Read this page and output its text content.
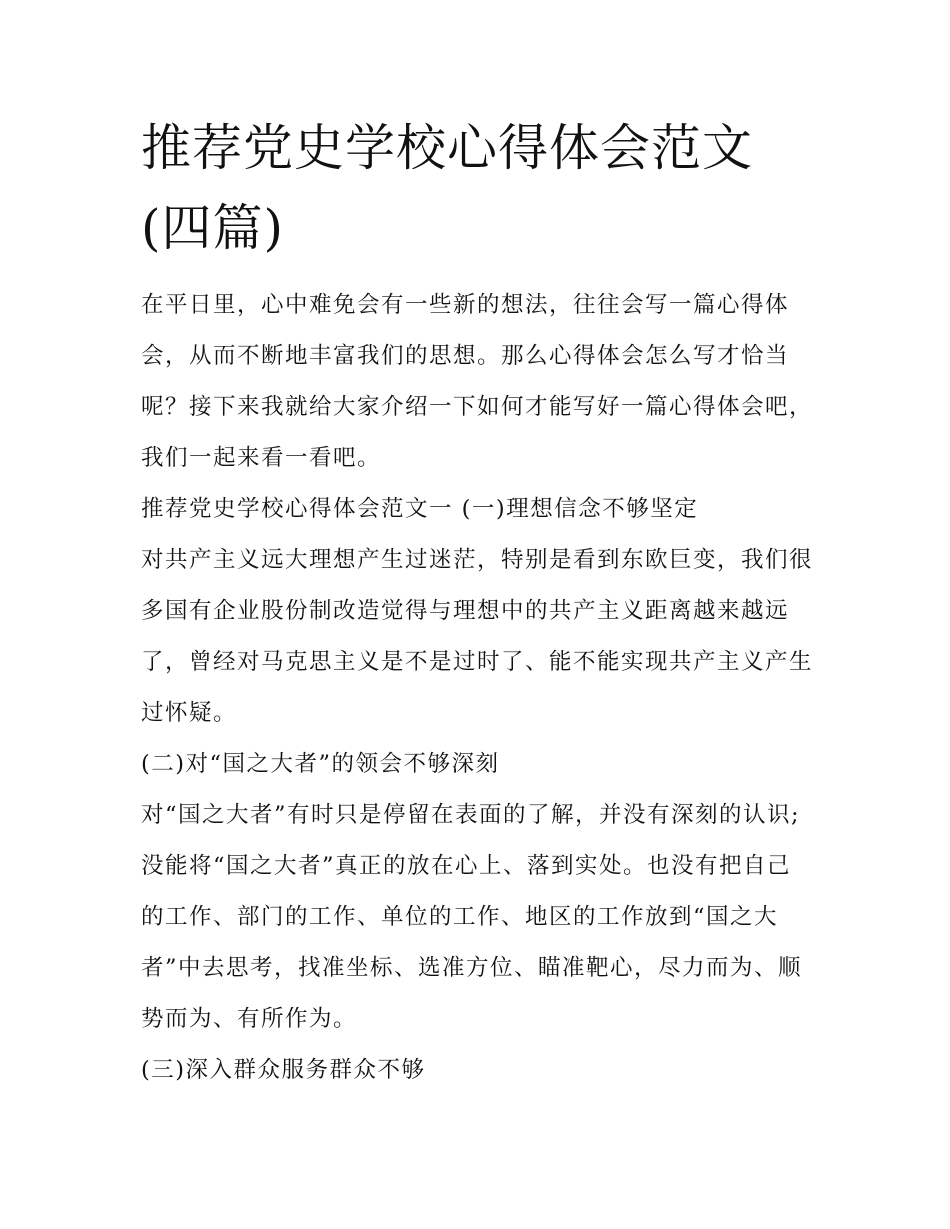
推荐党史学校心得体会范文(四篇)

在平日里，心中难免会有一些新的想法，往往会写一篇心得体会，从而不断地丰富我们的思想。那么心得体会怎么写才恰当呢？接下来我就给大家介绍一下如何才能写好一篇心得体会吧，我们一起来看一看吧。

推荐党史学校心得体会范文一 (一)理想信念不够坚定

对共产主义远大理想产生过迷茫，特别是看到东欧巨变，我们很多国有企业股份制改造觉得与理想中的共产主义距离越来越远了，曾经对马克思主义是不是过时了、能不能实现共产主义产生过怀疑。

(二)对“国之大者”的领会不够深刻

对“国之大者”有时只是停留在表面的了解，并没有深刻的认识;没能将“国之大者”真正的放在心上、落到实处。也没有把自己的工作、部门的工作、单位的工作、地区的工作放到“国之大者”中去思考，找准坐标、选准方位、瞄准靶心，尽力而为、顺势而为、有所作为。

(三)深入群众服务群众不够
